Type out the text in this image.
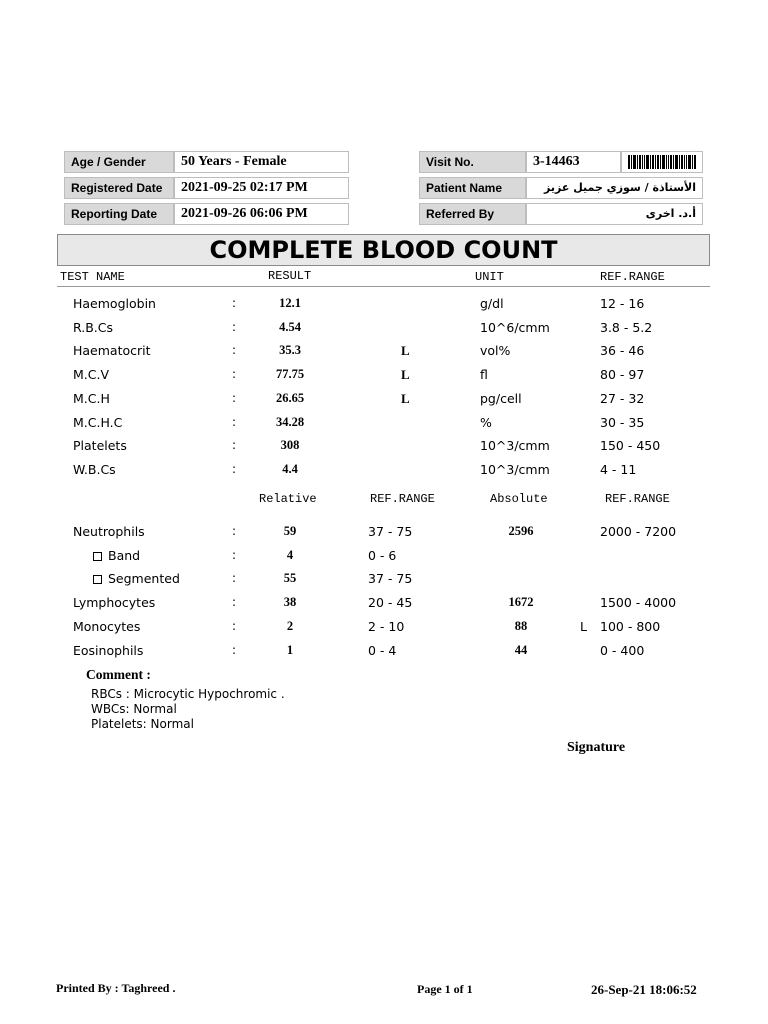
Age / Gender	50 Years - Female
Registered Date	2021-09-25 02:17 PM
Reporting Date	2021-09-26 06:06 PM
Visit No.	3-14463
Patient Name	الأستاذة / سوزي جميل عزيز
Referred By	أ.د. اخرى
COMPLETE BLOOD COUNT
TEST NAME	RESULT	UNIT	REF.RANGE
Haemoglobin	:	12.1	g/dl	12 - 16
R.B.Cs	:	4.54	10^6/cmm	3.8 - 5.2
Haematocrit	:	35.3	L	vol%	36 - 46
M.C.V	:	77.75	L	fl	80 - 97
M.C.H	:	26.65	L	pg/cell	27 - 32
M.C.H.C	:	34.28	%	30 - 35
Platelets	:	308	10^3/cmm	150 - 450
W.B.Cs	:	4.4	10^3/cmm	4 - 11
Relative	REF.RANGE	Absolute	REF.RANGE
Neutrophils	:	59	37 - 75	2596	2000 - 7200
Band	:	4	0 - 6
Segmented	:	55	37 - 75
Lymphocytes	:	38	20 - 45	1672	1500 - 4000
Monocytes	:	2	2 - 10	88	L 100 - 800
Eosinophils	:	1	0 - 4	44	0 - 400
Comment :
RBCs : Microcytic Hypochromic .
WBCs: Normal
Platelets: Normal
Signature
Printed By : Taghreed .	Page 1 of 1	26-Sep-21 18:06:52
